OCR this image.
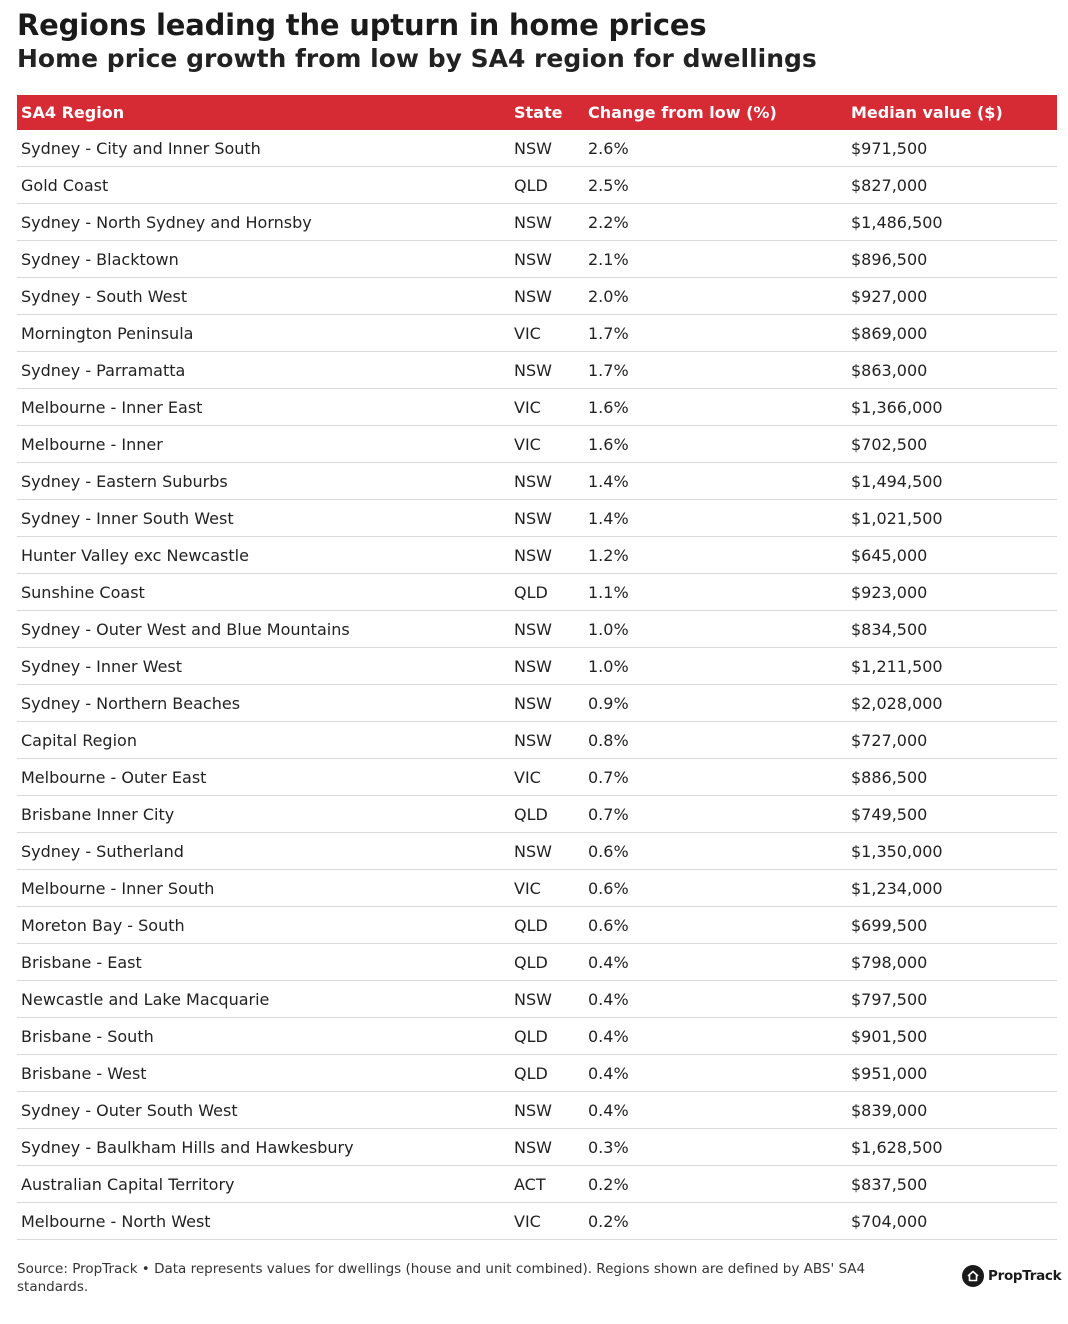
Regions leading the upturn in home prices
Home price growth from low by SA4 region for dwellings
SA4 Region	State	Change from low (%)	Median value ($)
Sydney - City and Inner South	NSW	2.6%	$971,500
Gold Coast	QLD	2.5%	$827,000
Sydney - North Sydney and Hornsby	NSW	2.2%	$1,486,500
Sydney - Blacktown	NSW	2.1%	$896,500
Sydney - South West	NSW	2.0%	$927,000
Mornington Peninsula	VIC	1.7%	$869,000
Sydney - Parramatta	NSW	1.7%	$863,000
Melbourne - Inner East	VIC	1.6%	$1,366,000
Melbourne - Inner	VIC	1.6%	$702,500
Sydney - Eastern Suburbs	NSW	1.4%	$1,494,500
Sydney - Inner South West	NSW	1.4%	$1,021,500
Hunter Valley exc Newcastle	NSW	1.2%	$645,000
Sunshine Coast	QLD	1.1%	$923,000
Sydney - Outer West and Blue Mountains	NSW	1.0%	$834,500
Sydney - Inner West	NSW	1.0%	$1,211,500
Sydney - Northern Beaches	NSW	0.9%	$2,028,000
Capital Region	NSW	0.8%	$727,000
Melbourne - Outer East	VIC	0.7%	$886,500
Brisbane Inner City	QLD	0.7%	$749,500
Sydney - Sutherland	NSW	0.6%	$1,350,000
Melbourne - Inner South	VIC	0.6%	$1,234,000
Moreton Bay - South	QLD	0.6%	$699,500
Brisbane - East	QLD	0.4%	$798,000
Newcastle and Lake Macquarie	NSW	0.4%	$797,500
Brisbane - South	QLD	0.4%	$901,500
Brisbane - West	QLD	0.4%	$951,000
Sydney - Outer South West	NSW	0.4%	$839,000
Sydney - Baulkham Hills and Hawkesbury	NSW	0.3%	$1,628,500
Australian Capital Territory	ACT	0.2%	$837,500
Melbourne - North West	VIC	0.2%	$704,000

Source: PropTrack • Data represents values for dwellings (house and unit combined). Regions shown are defined by ABS' SA4 standards.

PropTrack
